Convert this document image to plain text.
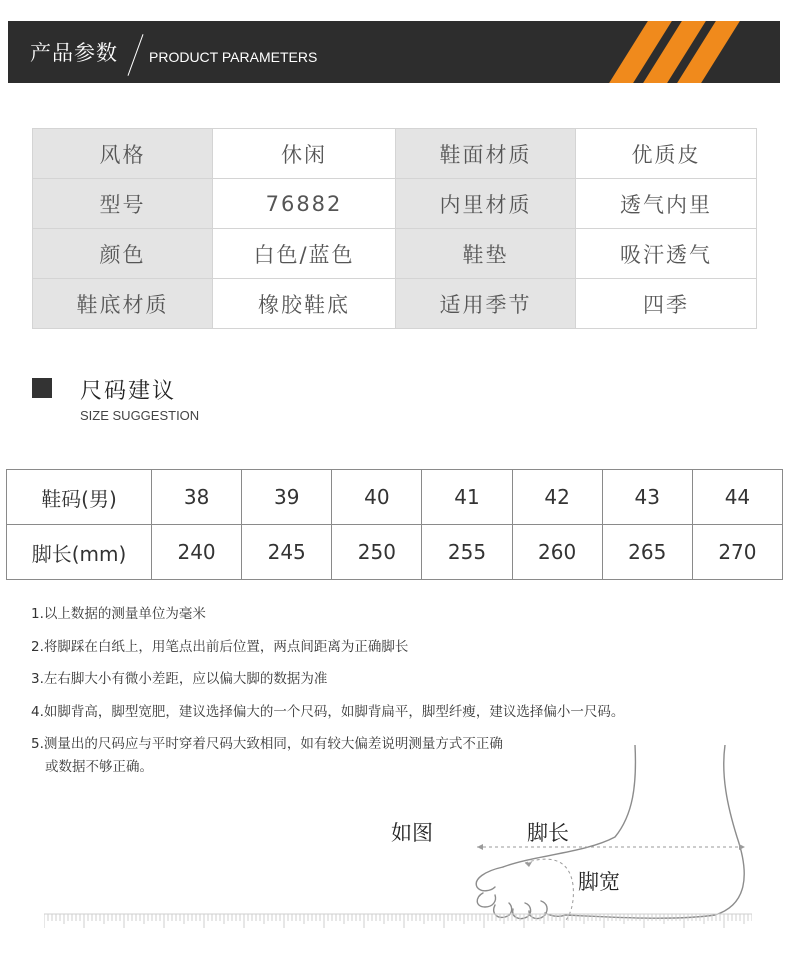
产品参数 PRODUCT PARAMETERS
风格	休闲	鞋面材质	优质皮
型号	76882	内里材质	透气内里
颜色	白色/蓝色	鞋垫	吸汗透气
鞋底材质	橡胶鞋底	适用季节	四季
尺码建议
SIZE SUGGESTION
鞋码(男)	38	39	40	41	42	43	44
脚长(mm)	240	245	250	255	260	265	270
1.以上数据的测量单位为毫米
2.将脚踩在白纸上，用笔点出前后位置，两点间距离为正确脚长
3.左右脚大小有微小差距，应以偏大脚的数据为准
4.如脚背高，脚型宽肥，建议选择偏大的一个尺码，如脚背扁平，脚型纤瘦，建议选择偏小一尺码。
5.测量出的尺码应与平时穿着尺码大致相同，如有较大偏差说明测量方式不正确
或数据不够正确。
如图	脚长
脚宽
